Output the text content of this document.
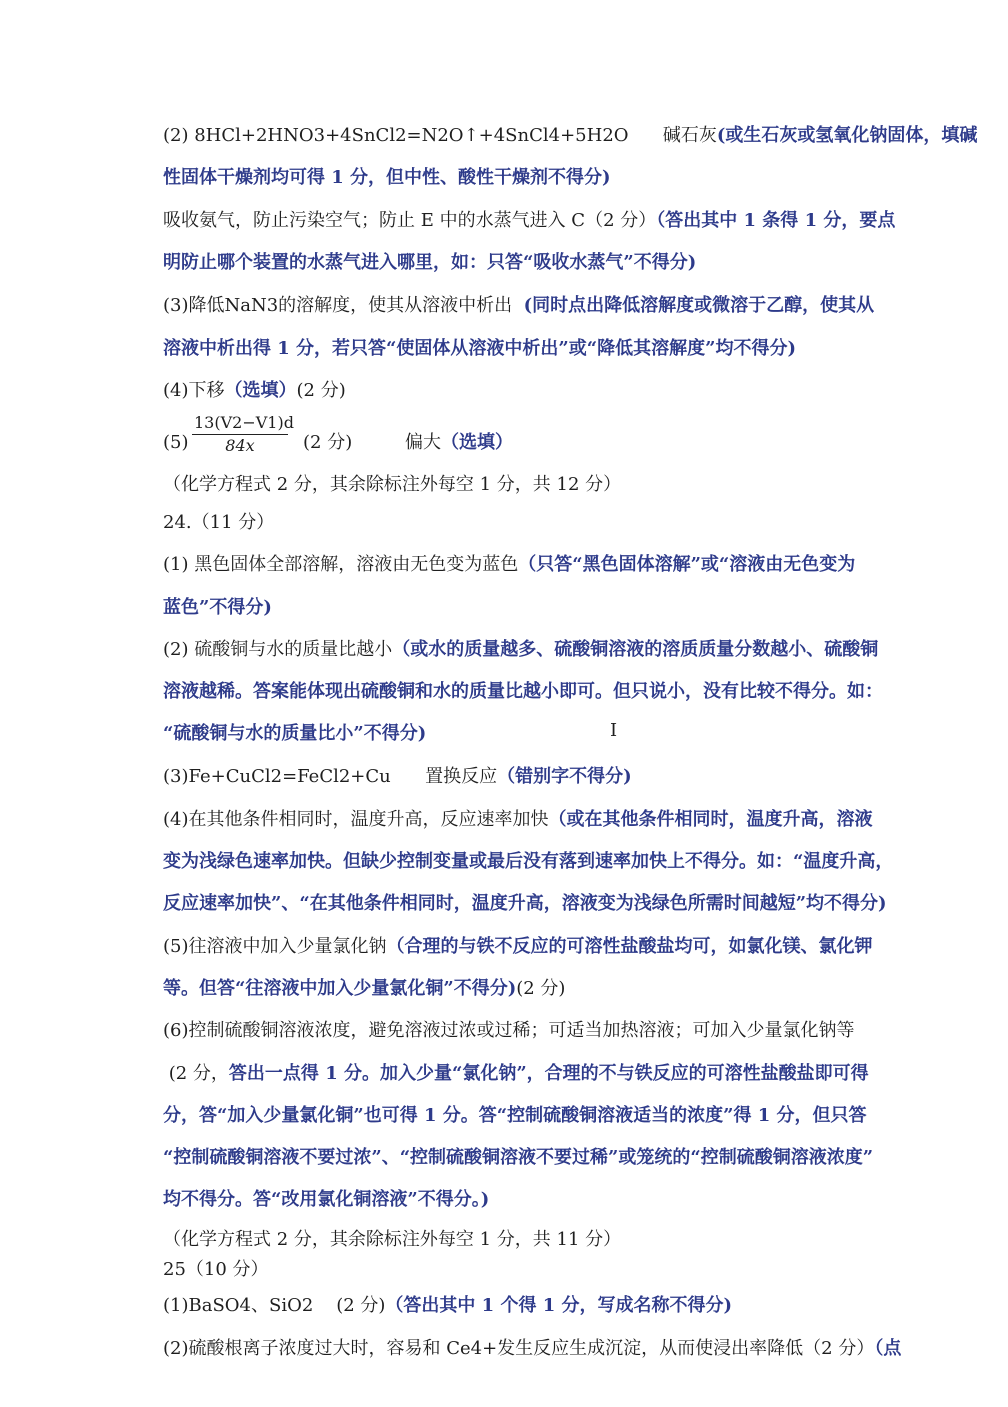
(2) 8HCl+2HNO3+4SnCl2=N2O↑+4SnCl4+5H2O 碱石灰(或生石灰或氢氧化钠固体，填碱
性固体干燥剂均可得 1 分，但中性、酸性干燥剂不得分)
吸收氨气，防止污染空气；防止 E 中的水蒸气进入 C（2 分）（答出其中 1 条得 1 分，要点
明防止哪个装置的水蒸气进入哪里，如：只答“吸收水蒸气”不得分)
(3)降低NaN3的溶解度，使其从溶液中析出 (同时点出降低溶解度或微溶于乙醇，使其从
溶液中析出得 1 分，若只答“使固体从溶液中析出”或“降低其溶解度”均不得分)
(4)下移（选填）(2 分)
$(5) \frac{13(V2-V1)d}{84x} (2$ 分)	偏大（选填）
（化学方程式 2 分，其余除标注外每空 1 分，共 12 分）
24.（11 分）
(1) 黑色固体全部溶解，溶液由无色变为蓝色（只答“黑色固体溶解”或“溶液由无色变为
蓝色”不得分)
(2) 硫酸铜与水的质量比越小（或水的质量越多、硫酸铜溶液的溶质质量分数越小、硫酸铜
溶液越稀。答案能体现出硫酸铜和水的质量比越小即可。但只说小，没有比较不得分。如：
“硫酸铜与水的质量比小”不得分)	I
(3)Fe+CuCl2=FeCl2+Cu 置换反应（错别字不得分)
(4)在其他条件相同时，温度升高，反应速率加快（或在其他条件相同时，温度升高，溶液
变为浅绿色速率加快。但缺少控制变量或最后没有落到速率加快上不得分。如：“温度升高，
反应速率加快”、“在其他条件相同时，温度升高，溶液变为浅绿色所需时间越短”均不得分)
(5)往溶液中加入少量氯化钠（合理的与铁不反应的可溶性盐酸盐均可，如氯化镁、氯化钾
等。但答“往溶液中加入少量氯化铜”不得分)(2 分)
(6)控制硫酸铜溶液浓度，避免溶液过浓或过稀；可适当加热溶液；可加入少量氯化钠等
(2 分，答出一点得 1 分。加入少量“氯化钠”，合理的不与铁反应的可溶性盐酸盐即可得
分，答“加入少量氯化铜”也可得 1 分。答“控制硫酸铜溶液适当的浓度”得 1 分，但只答
“控制硫酸铜溶液不要过浓”、“控制硫酸铜溶液不要过稀”或笼统的“控制硫酸铜溶液浓度”
均不得分。答“改用氯化铜溶液”不得分。)
（化学方程式 2 分，其余除标注外每空 1 分，共 11 分）
25（10 分）
(1)BaSO4、SiO2 (2 分)（答出其中 1 个得 1 分，写成名称不得分)
(2)硫酸根离子浓度过大时，容易和 Ce4+发生反应生成沉淀，从而使浸出率降低（2 分）（点
